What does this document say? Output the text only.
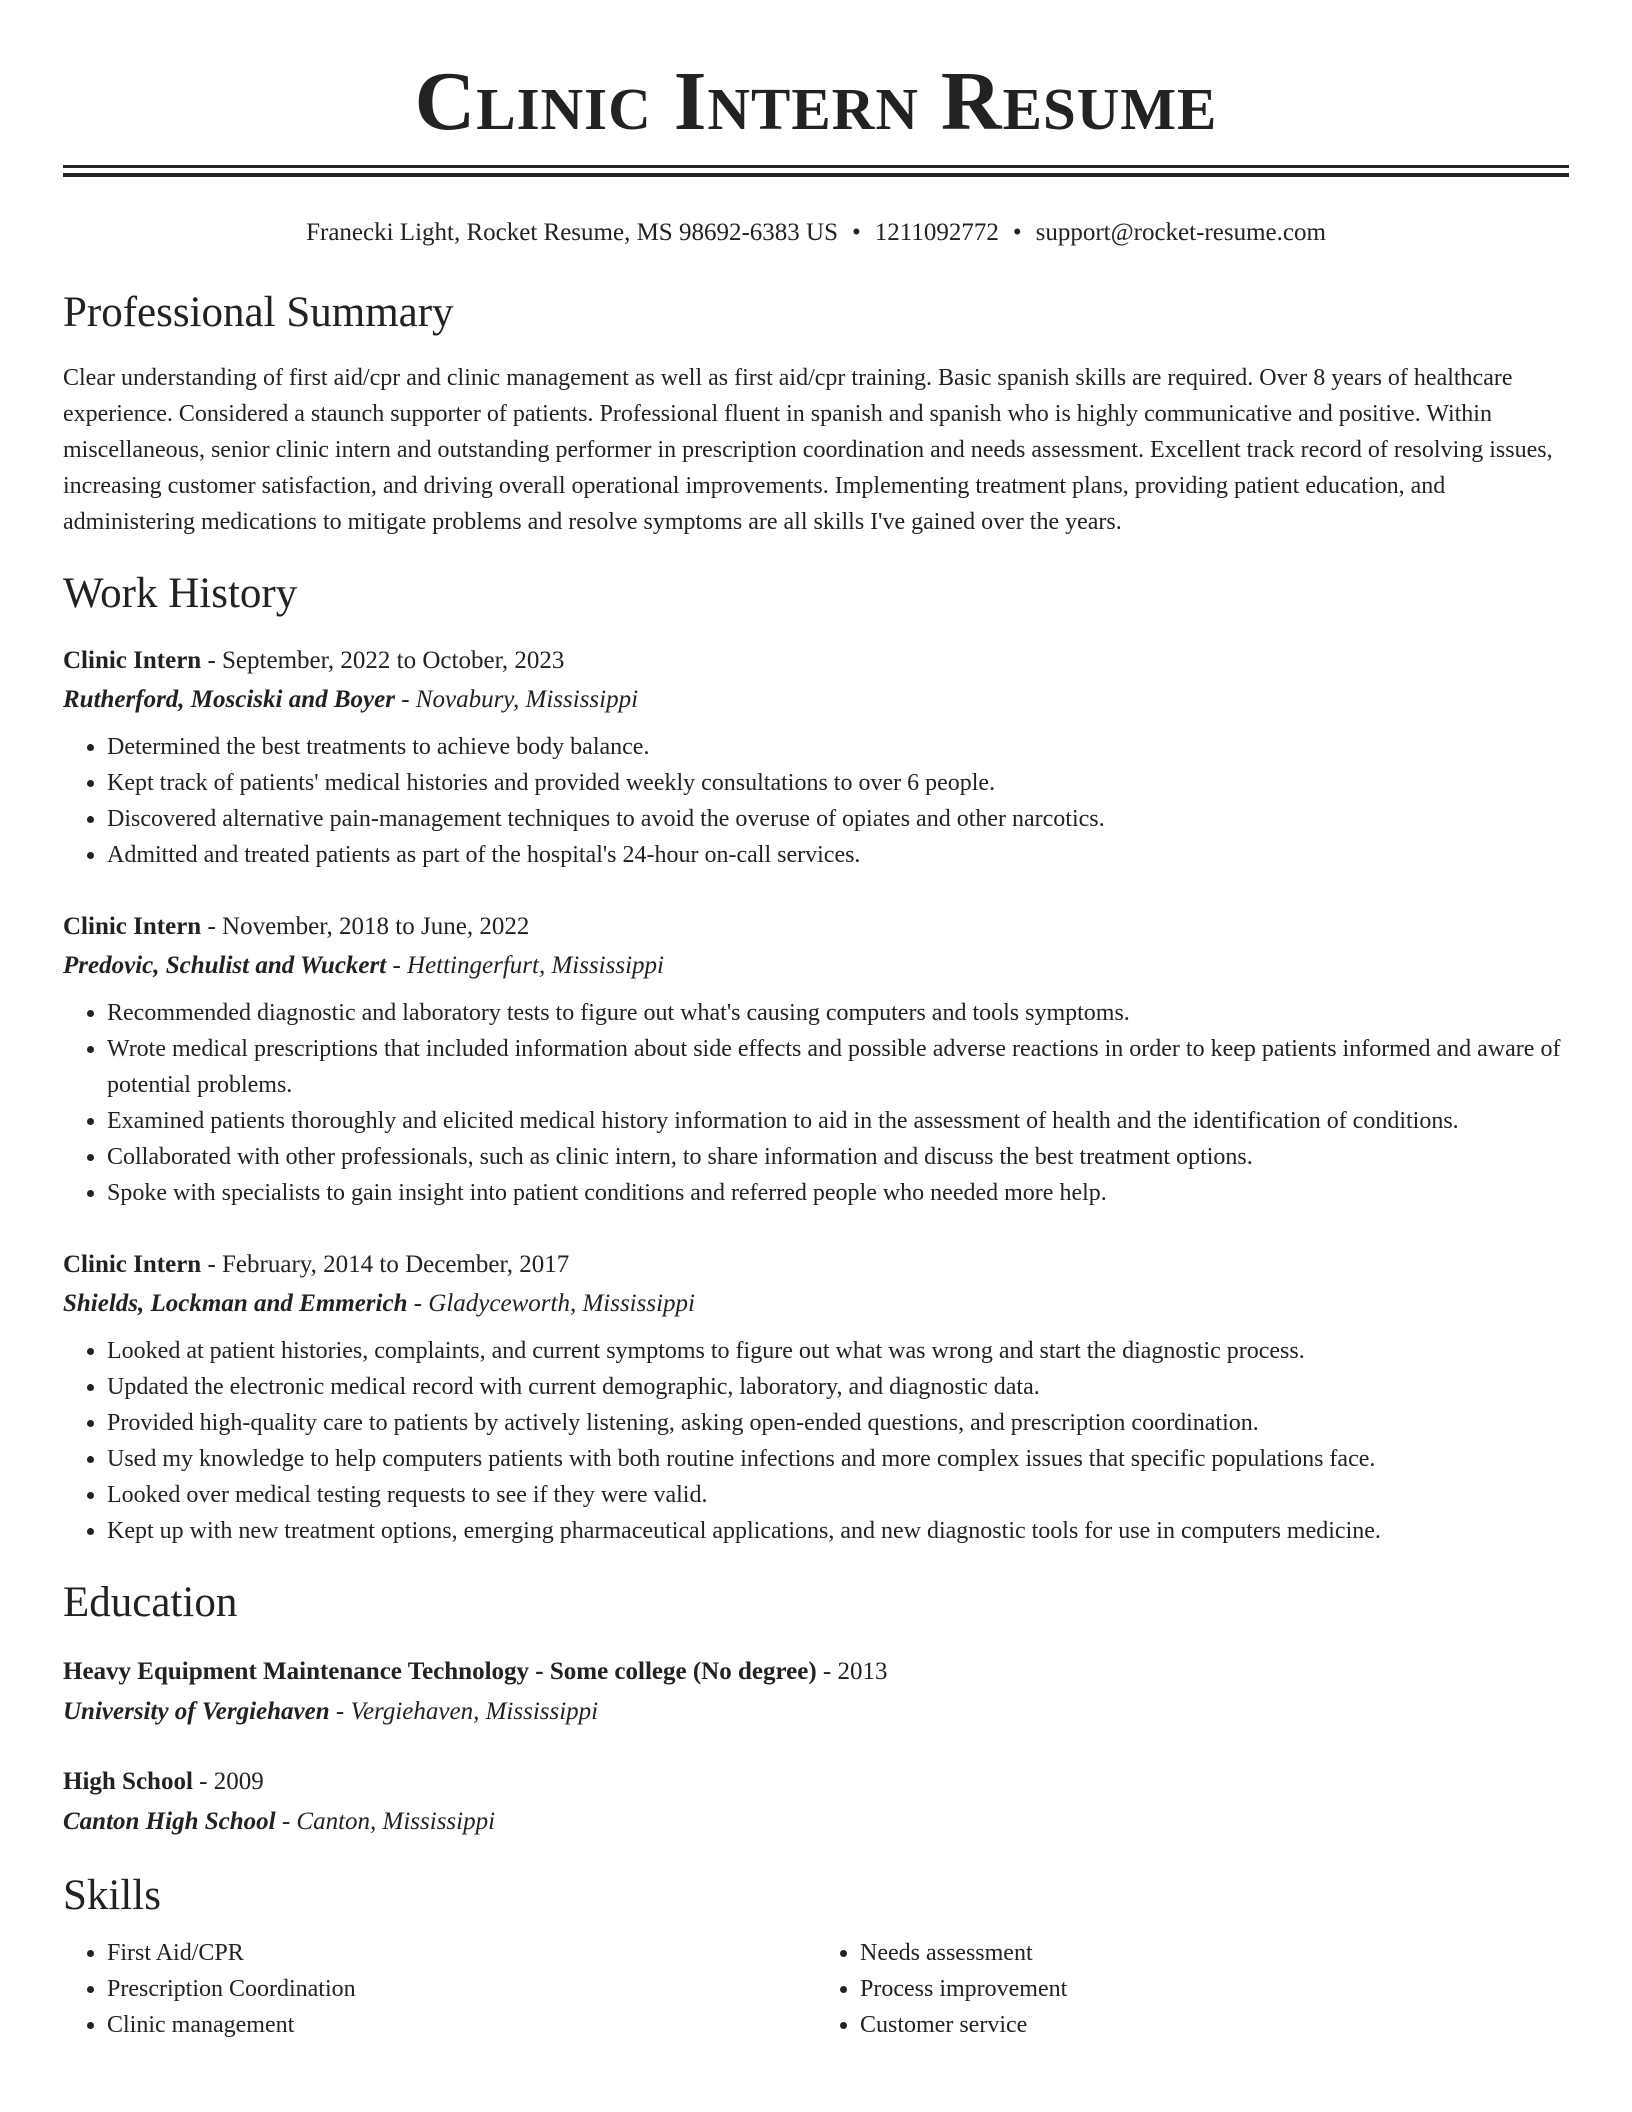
Clinic Intern Resume
Franecki Light, Rocket Resume, MS 98692-6383 US • 1211092772 • support@rocket-resume.com
Professional Summary

Clear understanding of first aid/cpr and clinic management as well as first aid/cpr training. Basic spanish skills are required. Over 8 years of healthcare experience. Considered a staunch supporter of patients. Professional fluent in spanish and spanish who is highly communicative and positive. Within miscellaneous, senior clinic intern and outstanding performer in prescription coordination and needs assessment. Excellent track record of resolving issues, increasing customer satisfaction, and driving overall operational improvements. Implementing treatment plans, providing patient education, and administering medications to mitigate problems and resolve symptoms are all skills I've gained over the years.

Work History
Clinic Intern - September, 2022 to October, 2023
Rutherford, Mosciski and Boyer - Novabury, Mississippi
• Determined the best treatments to achieve body balance.
• Kept track of patients' medical histories and provided weekly consultations to over 6 people.
• Discovered alternative pain-management techniques to avoid the overuse of opiates and other narcotics.
• Admitted and treated patients as part of the hospital's 24-hour on-call services.
Clinic Intern - November, 2018 to June, 2022
Predovic, Schulist and Wuckert - Hettingerfurt, Mississippi
• Recommended diagnostic and laboratory tests to figure out what's causing computers and tools symptoms.
• Wrote medical prescriptions that included information about side effects and possible adverse reactions in order to keep patients informed and aware of potential problems.
• Examined patients thoroughly and elicited medical history information to aid in the assessment of health and the identification of conditions.
• Collaborated with other professionals, such as clinic intern, to share information and discuss the best treatment options.
• Spoke with specialists to gain insight into patient conditions and referred people who needed more help.
Clinic Intern - February, 2014 to December, 2017
Shields, Lockman and Emmerich - Gladyceworth, Mississippi
• Looked at patient histories, complaints, and current symptoms to figure out what was wrong and start the diagnostic process.
• Updated the electronic medical record with current demographic, laboratory, and diagnostic data.
• Provided high-quality care to patients by actively listening, asking open-ended questions, and prescription coordination.
• Used my knowledge to help computers patients with both routine infections and more complex issues that specific populations face.
• Looked over medical testing requests to see if they were valid.
• Kept up with new treatment options, emerging pharmaceutical applications, and new diagnostic tools for use in computers medicine.
Education
Heavy Equipment Maintenance Technology - Some college (No degree) - 2013
University of Vergiehaven - Vergiehaven, Mississippi
High School - 2009
Canton High School - Canton, Mississippi
Skills
• First Aid/CPR
• Prescription Coordination
• Clinic management
• Needs assessment
• Process improvement
• Customer service
